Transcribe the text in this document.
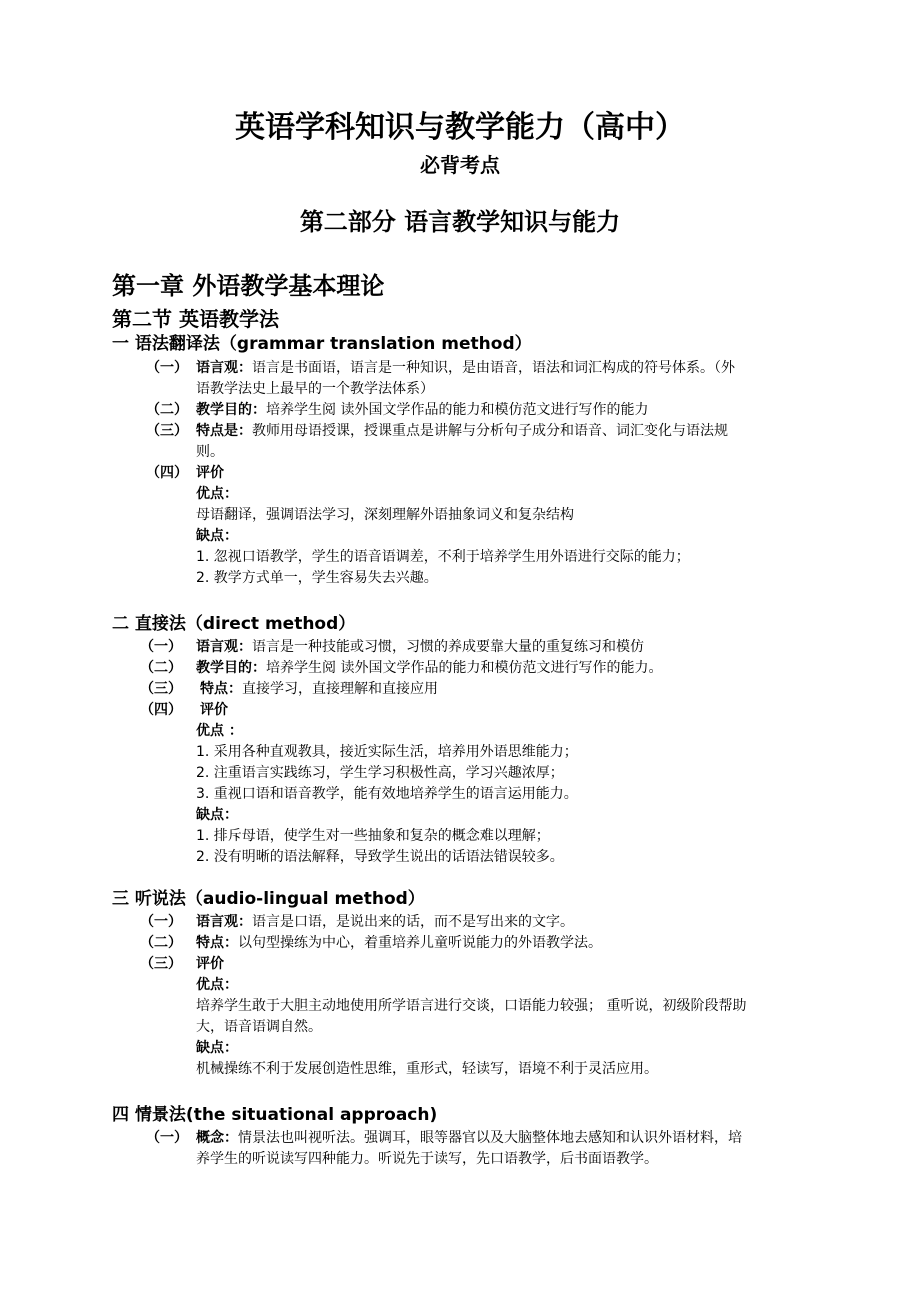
英语学科知识与教学能力（高中）
必背考点
第二部分 语言教学知识与能力
第一章 外语教学基本理论
第二节 英语教学法
一 语法翻译法（grammar translation method）
（一） 语言观：语言是书面语，语言是一种知识，是由语音，语法和词汇构成的符号体系。（外
语教学法史上最早的一个教学法体系）
（二） 教学目的：培养学生阅 读外国文学作品的能力和模仿范文进行写作的能力
（三） 特点是：教师用母语授课，授课重点是讲解与分析句子成分和语音、词汇变化与语法规
则。
（四） 评价
优点：
母语翻译，强调语法学习，深刻理解外语抽象词义和复杂结构
缺点：
1. 忽视口语教学，学生的语音语调差，不利于培养学生用外语进行交际的能力；
2. 教学方式单一，学生容易失去兴趣。
二 直接法（direct method）
（一） 语言观：语言是一种技能或习惯，习惯的养成要靠大量的重复练习和模仿
（二） 教学目的：培养学生阅 读外国文学作品的能力和模仿范文进行写作的能力。
（三） 特点：直接学习，直接理解和直接应用
（四） 评价
优点 ：
1. 采用各种直观教具，接近实际生活，培养用外语思维能力；
2. 注重语言实践练习，学生学习积极性高，学习兴趣浓厚；
3. 重视口语和语音教学，能有效地培养学生的语言运用能力。
缺点：
1. 排斥母语，使学生对一些抽象和复杂的概念难以理解；
2. 没有明晰的语法解释，导致学生说出的话语法错误较多。
三 听说法（audio-lingual method）
（一） 语言观：语言是口语，是说出来的话，而不是写出来的文字。
（二） 特点：以句型操练为中心，着重培养儿童听说能力的外语教学法。
（三） 评价
优点：
培养学生敢于大胆主动地使用所学语言进行交谈，口语能力较强； 重听说，初级阶段帮助
大，语音语调自然。
缺点：
机械操练不利于发展创造性思维，重形式，轻读写，语境不利于灵活应用。
四 情景法(the situational approach)
（一） 概念：情景法也叫视听法。强调耳，眼等器官以及大脑整体地去感知和认识外语材料，培
养学生的听说读写四种能力。听说先于读写，先口语教学，后书面语教学。
